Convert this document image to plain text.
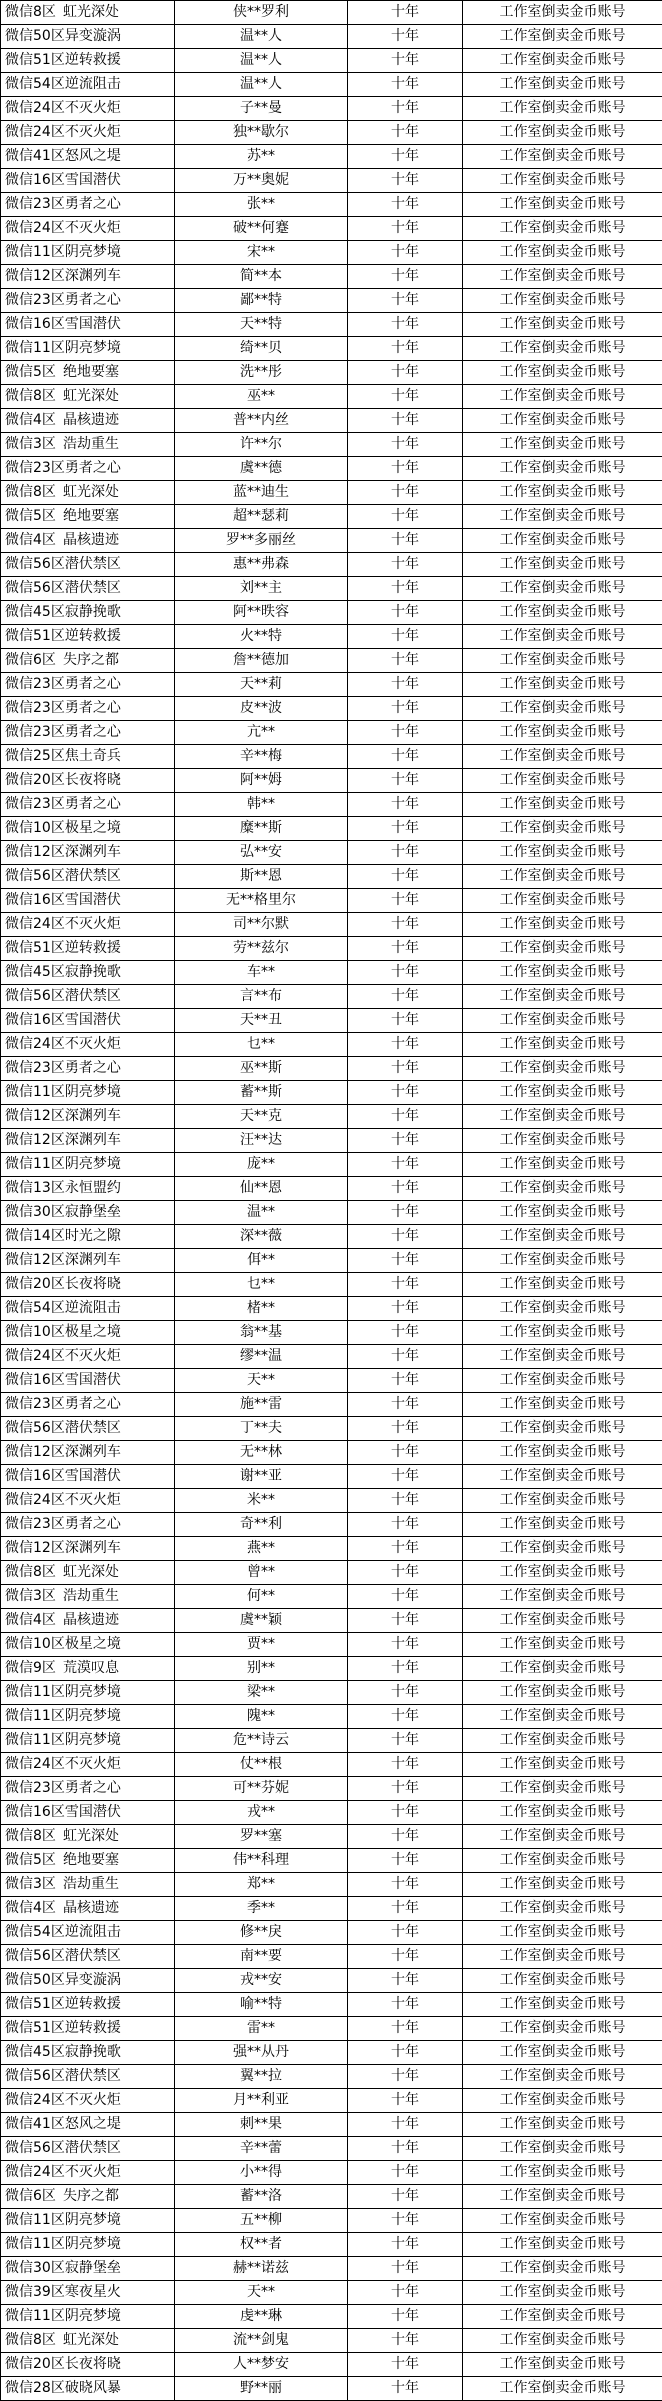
微信8区 虹光深处	侠**罗利	十年	工作室倒卖金币账号
微信50区异变漩涡	温**人	十年	工作室倒卖金币账号
微信51区逆转救援	温**人	十年	工作室倒卖金币账号
微信54区逆流阻击	温**人	十年	工作室倒卖金币账号
微信24区不灭火炬	子**曼	十年	工作室倒卖金币账号
微信24区不灭火炬	独**歇尔	十年	工作室倒卖金币账号
微信41区怒风之堤	苏**	十年	工作室倒卖金币账号
微信16区雪国潜伏	万**奥妮	十年	工作室倒卖金币账号
微信23区勇者之心	张**	十年	工作室倒卖金币账号
微信24区不灭火炬	破**何蹇	十年	工作室倒卖金币账号
微信11区阴亮梦境	宋**	十年	工作室倒卖金币账号
微信12区深渊列车	简**本	十年	工作室倒卖金币账号
微信23区勇者之心	鄙**特	十年	工作室倒卖金币账号
微信16区雪国潜伏	天**特	十年	工作室倒卖金币账号
微信11区阴亮梦境	绮**贝	十年	工作室倒卖金币账号
微信5区 绝地要塞	洗**彤	十年	工作室倒卖金币账号
微信8区 虹光深处	巫**	十年	工作室倒卖金币账号
微信4区 晶核遗迹	普**内丝	十年	工作室倒卖金币账号
微信3区 浩劫重生	许**尔	十年	工作室倒卖金币账号
微信23区勇者之心	虞**德	十年	工作室倒卖金币账号
微信8区 虹光深处	蓝**迪生	十年	工作室倒卖金币账号
微信5区 绝地要塞	超**瑟莉	十年	工作室倒卖金币账号
微信4区 晶核遗迹	罗**多丽丝	十年	工作室倒卖金币账号
微信56区潜伏禁区	惠**弗森	十年	工作室倒卖金币账号
微信56区潜伏禁区	刘**主	十年	工作室倒卖金币账号
微信45区寂静挽歌	阿**昳容	十年	工作室倒卖金币账号
微信51区逆转救援	火**特	十年	工作室倒卖金币账号
微信6区 失序之都	詹**德加	十年	工作室倒卖金币账号
微信23区勇者之心	天**莉	十年	工作室倒卖金币账号
微信23区勇者之心	皮**波	十年	工作室倒卖金币账号
微信23区勇者之心	亢**	十年	工作室倒卖金币账号
微信25区焦土奇兵	辛**梅	十年	工作室倒卖金币账号
微信20区长夜将晓	阿**姆	十年	工作室倒卖金币账号
微信23区勇者之心	韩**	十年	工作室倒卖金币账号
微信10区极星之境	糜**斯	十年	工作室倒卖金币账号
微信12区深渊列车	弘**安	十年	工作室倒卖金币账号
微信56区潜伏禁区	斯**恩	十年	工作室倒卖金币账号
微信16区雪国潜伏	无**格里尔	十年	工作室倒卖金币账号
微信24区不灭火炬	司**尔默	十年	工作室倒卖金币账号
微信51区逆转救援	劳**兹尔	十年	工作室倒卖金币账号
微信45区寂静挽歌	车**	十年	工作室倒卖金币账号
微信56区潜伏禁区	言**布	十年	工作室倒卖金币账号
微信16区雪国潜伏	天**丑	十年	工作室倒卖金币账号
微信24区不灭火炬	乜**	十年	工作室倒卖金币账号
微信23区勇者之心	巫**斯	十年	工作室倒卖金币账号
微信11区阴亮梦境	蓄**斯	十年	工作室倒卖金币账号
微信12区深渊列车	天**克	十年	工作室倒卖金币账号
微信12区深渊列车	汪**达	十年	工作室倒卖金币账号
微信11区阴亮梦境	庞**	十年	工作室倒卖金币账号
微信13区永恒盟约	仙**恩	十年	工作室倒卖金币账号
微信30区寂静堡垒	温**	十年	工作室倒卖金币账号
微信14区时光之隙	深**薇	十年	工作室倒卖金币账号
微信12区深渊列车	佴**	十年	工作室倒卖金币账号
微信20区长夜将晓	乜**	十年	工作室倒卖金币账号
微信54区逆流阻击	楮**	十年	工作室倒卖金币账号
微信10区极星之境	翁**基	十年	工作室倒卖金币账号
微信24区不灭火炬	缪**温	十年	工作室倒卖金币账号
微信16区雪国潜伏	天**	十年	工作室倒卖金币账号
微信23区勇者之心	施**雷	十年	工作室倒卖金币账号
微信56区潜伏禁区	丁**夫	十年	工作室倒卖金币账号
微信12区深渊列车	无**林	十年	工作室倒卖金币账号
微信16区雪国潜伏	谢**亚	十年	工作室倒卖金币账号
微信24区不灭火炬	米**	十年	工作室倒卖金币账号
微信23区勇者之心	奇**利	十年	工作室倒卖金币账号
微信12区深渊列车	燕**	十年	工作室倒卖金币账号
微信8区 虹光深处	曾**	十年	工作室倒卖金币账号
微信3区 浩劫重生	何**	十年	工作室倒卖金币账号
微信4区 晶核遗迹	虞**颖	十年	工作室倒卖金币账号
微信10区极星之境	贾**	十年	工作室倒卖金币账号
微信9区 荒漠叹息	别**	十年	工作室倒卖金币账号
微信11区阴亮梦境	梁**	十年	工作室倒卖金币账号
微信11区阴亮梦境	隗**	十年	工作室倒卖金币账号
微信11区阴亮梦境	危**诗云	十年	工作室倒卖金币账号
微信24区不灭火炬	仗**根	十年	工作室倒卖金币账号
微信23区勇者之心	可**芬妮	十年	工作室倒卖金币账号
微信16区雪国潜伏	戎**	十年	工作室倒卖金币账号
微信8区 虹光深处	罗**塞	十年	工作室倒卖金币账号
微信5区 绝地要塞	伟**科理	十年	工作室倒卖金币账号
微信3区 浩劫重生	郑**	十年	工作室倒卖金币账号
微信4区 晶核遗迹	季**	十年	工作室倒卖金币账号
微信54区逆流阻击	修**戾	十年	工作室倒卖金币账号
微信56区潜伏禁区	南**要	十年	工作室倒卖金币账号
微信50区异变漩涡	戎**安	十年	工作室倒卖金币账号
微信51区逆转救援	喻**特	十年	工作室倒卖金币账号
微信51区逆转救援	雷**	十年	工作室倒卖金币账号
微信45区寂静挽歌	强**从丹	十年	工作室倒卖金币账号
微信56区潜伏禁区	翼**拉	十年	工作室倒卖金币账号
微信24区不灭火炬	月**利亚	十年	工作室倒卖金币账号
微信41区怒风之堤	刺**果	十年	工作室倒卖金币账号
微信56区潜伏禁区	辛**蕾	十年	工作室倒卖金币账号
微信24区不灭火炬	小**得	十年	工作室倒卖金币账号
微信6区 失序之都	蓄**洛	十年	工作室倒卖金币账号
微信11区阴亮梦境	五**柳	十年	工作室倒卖金币账号
微信11区阴亮梦境	权**者	十年	工作室倒卖金币账号
微信30区寂静堡垒	赫**诺兹	十年	工作室倒卖金币账号
微信39区寒夜星火	天**	十年	工作室倒卖金币账号
微信11区阴亮梦境	虔**琳	十年	工作室倒卖金币账号
微信8区 虹光深处	流**剑鬼	十年	工作室倒卖金币账号
微信20区长夜将晓	人**梦安	十年	工作室倒卖金币账号
微信28区破晓风暴	野**丽	十年	工作室倒卖金币账号
